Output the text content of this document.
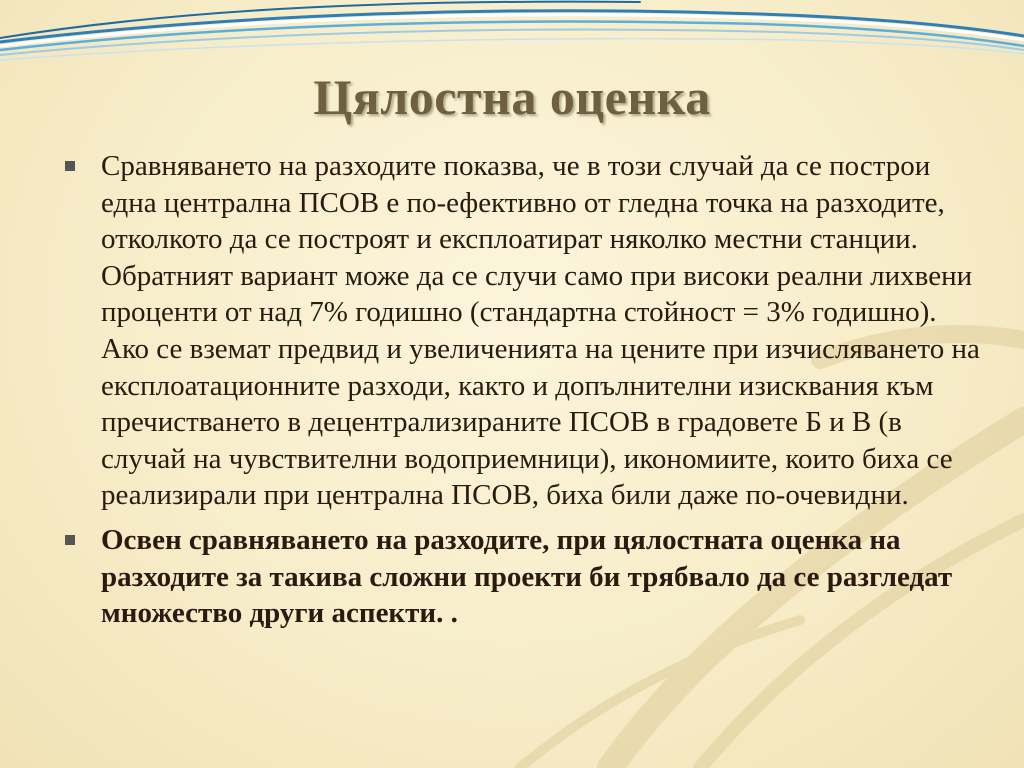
Цялостна оценка
Сравняването на разходите показва, че в този случай да се построи една централна ПСОВ е по-ефективно от гледна точка на разходите, отколкото да се построят и експлоатират няколко местни станции. Обратният вариант може да се случи само при високи реални лихвени проценти от над 7% годишно (стандартна стойност = 3% годишно). Ако се вземат предвид и увеличенията на цените при изчисляването на експлоатационните разходи, както и допълнителни изисквания към пречистването в децентрализираните ПСОВ в градовете Б и В (в случай на чувствителни водоприемници), икономиите, които биха се реализирали при централна ПСОВ, биха били даже по-очевидни.
Освен сравняването на разходите, при цялостната оценка на разходите за такива сложни проекти би трябвало да се разгледат множество други аспекти. .
